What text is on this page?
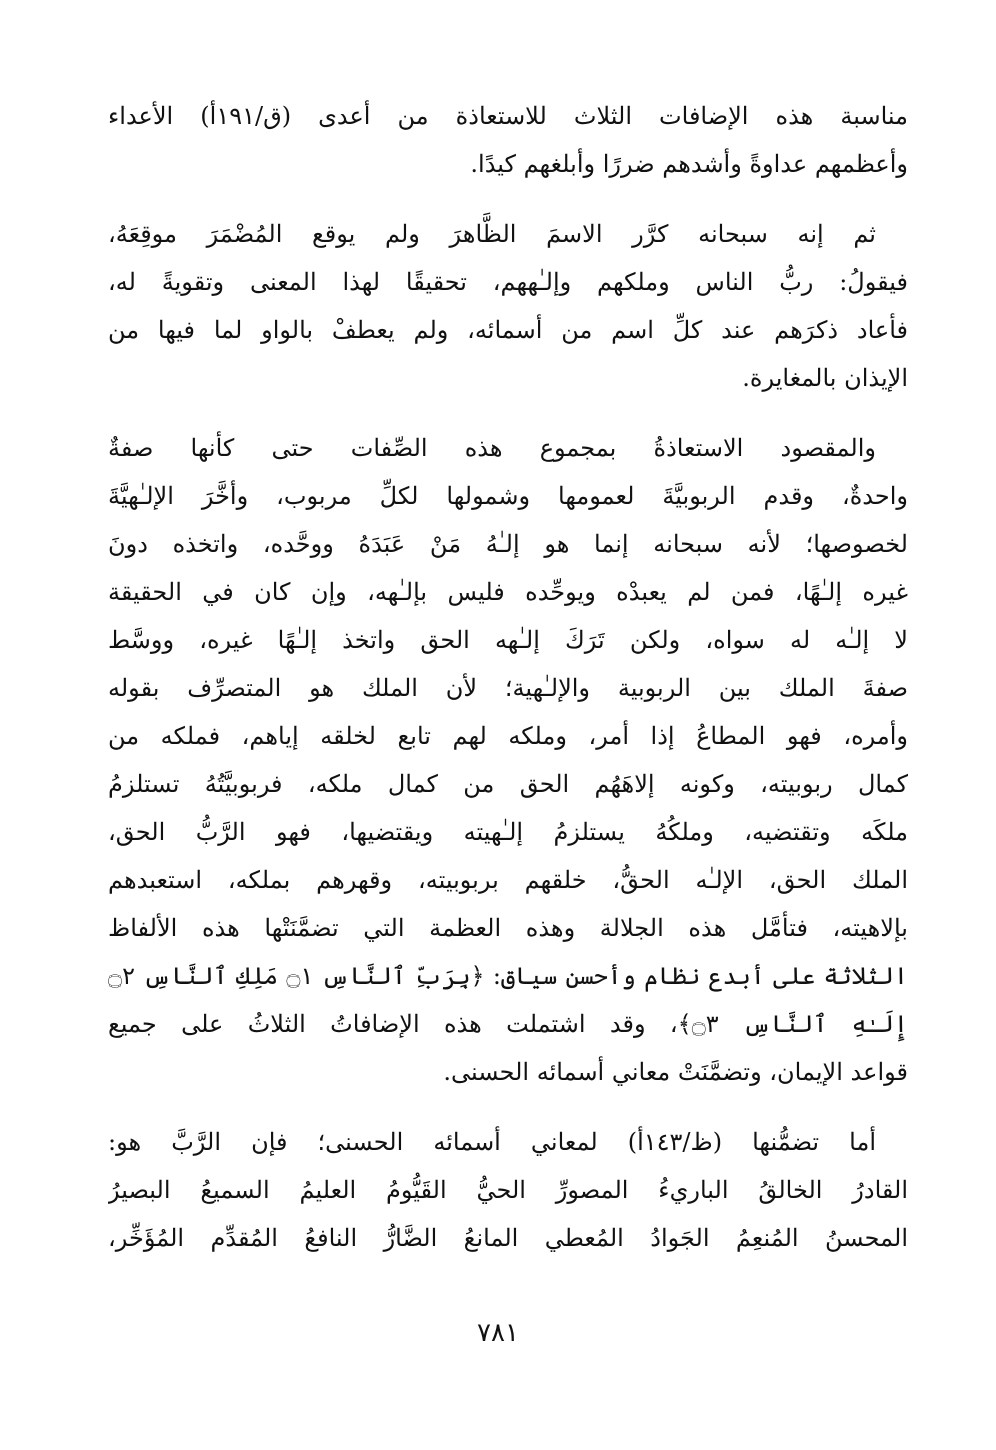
مناسبة هذه الإضافات الثلاث للاستعاذة من أعدى (ق/١٩١أ) الأعداء
وأعظمهم عداوةً وأشدهم ضررًا وأبلغهم كيدًا.

ثم إنه سبحانه كرَّر الاسمَ الظَّاهرَ ولم يوقع المُضْمَرَ موقِعَهُ،
فيقولُ: ربُّ الناس وملكهم وإلـٰههم، تحقيقًا لهذا المعنى وتقويةً له،
فأعاد ذكرَهم عند كلِّ اسم من أسمائه، ولم يعطفْ بالواو لما فيها من
الإيذان بالمغايرة.

والمقصود الاستعاذةُ بمجموع هذه الصِّفات حتى كأنها صفةٌ
واحدةٌ، وقدم الربوبيَّةَ لعمومها وشمولها لكلِّ مربوب، وأخَّرَ الإلـٰهيَّةَ
لخصوصها؛ لأنه سبحانه إنما هو إلـٰهُ مَنْ عَبَدَهُ ووحَّده، واتخذه دونَ
غيره إلـٰهًا، فمن لم يعبدْه ويوحِّده فليس بإلـٰهه، وإن كان في الحقيقة
لا إلـٰه له سواه، ولكن تَرَكَ إلـٰهه الحق واتخذ إلـٰهًا غيره، ووسَّط
صفةَ الملك بين الربوبية والإلـٰهية؛ لأن الملك هو المتصرِّف بقوله
وأمره، فهو المطاعُ إذا أمر، وملكه لهم تابع لخلقه إياهم، فملكه من
كمال ربوبيته، وكونه إلاهَهُم الحق من كمال ملكه، فربوبيَّتُهُ تستلزمُ
ملكَه وتقتضيه، وملكُهُ يستلزمُ إلـٰهيته ويقتضيها، فهو الرَّبُّ الحق،
الملك الحق، الإلـٰه الحقُّ، خلقهم بربوبيته، وقهرهم بملكه، استعبدهم
بإلاهيته، فتأمَّل هذه الجلالة وهذه العظمة التي تضمَّنَتْها هذه الألفاظ
الثلاثة على أبدع نظام وأحسن سياق: ﴿بِرَبِّ ٱلنَّاسِ ۝١ مَلِكِ ٱلنَّاسِ ۝٢
إِلَـٰهِ ٱلنَّاسِ ۝٣﴾، وقد اشتملت هذه الإضافاتُ الثلاثُ على جميع
قواعد الإيمان، وتضمَّنَتْ معاني أسمائه الحسنى.

أما تضمُّنها (ظ/١٤٣أ) لمعاني أسمائه الحسنى؛ فإن الرَّبَّ هو:
القادرُ الخالقُ الباريءُ المصورِّ الحيُّ القَيُّومُ العليمُ السميعُ البصيرُ
المحسنُ المُنعِمُ الجَوادُ المُعطي المانعُ الضَّارُّ النافعُ المُقدِّم المُؤَخِّر،

٧٨١
